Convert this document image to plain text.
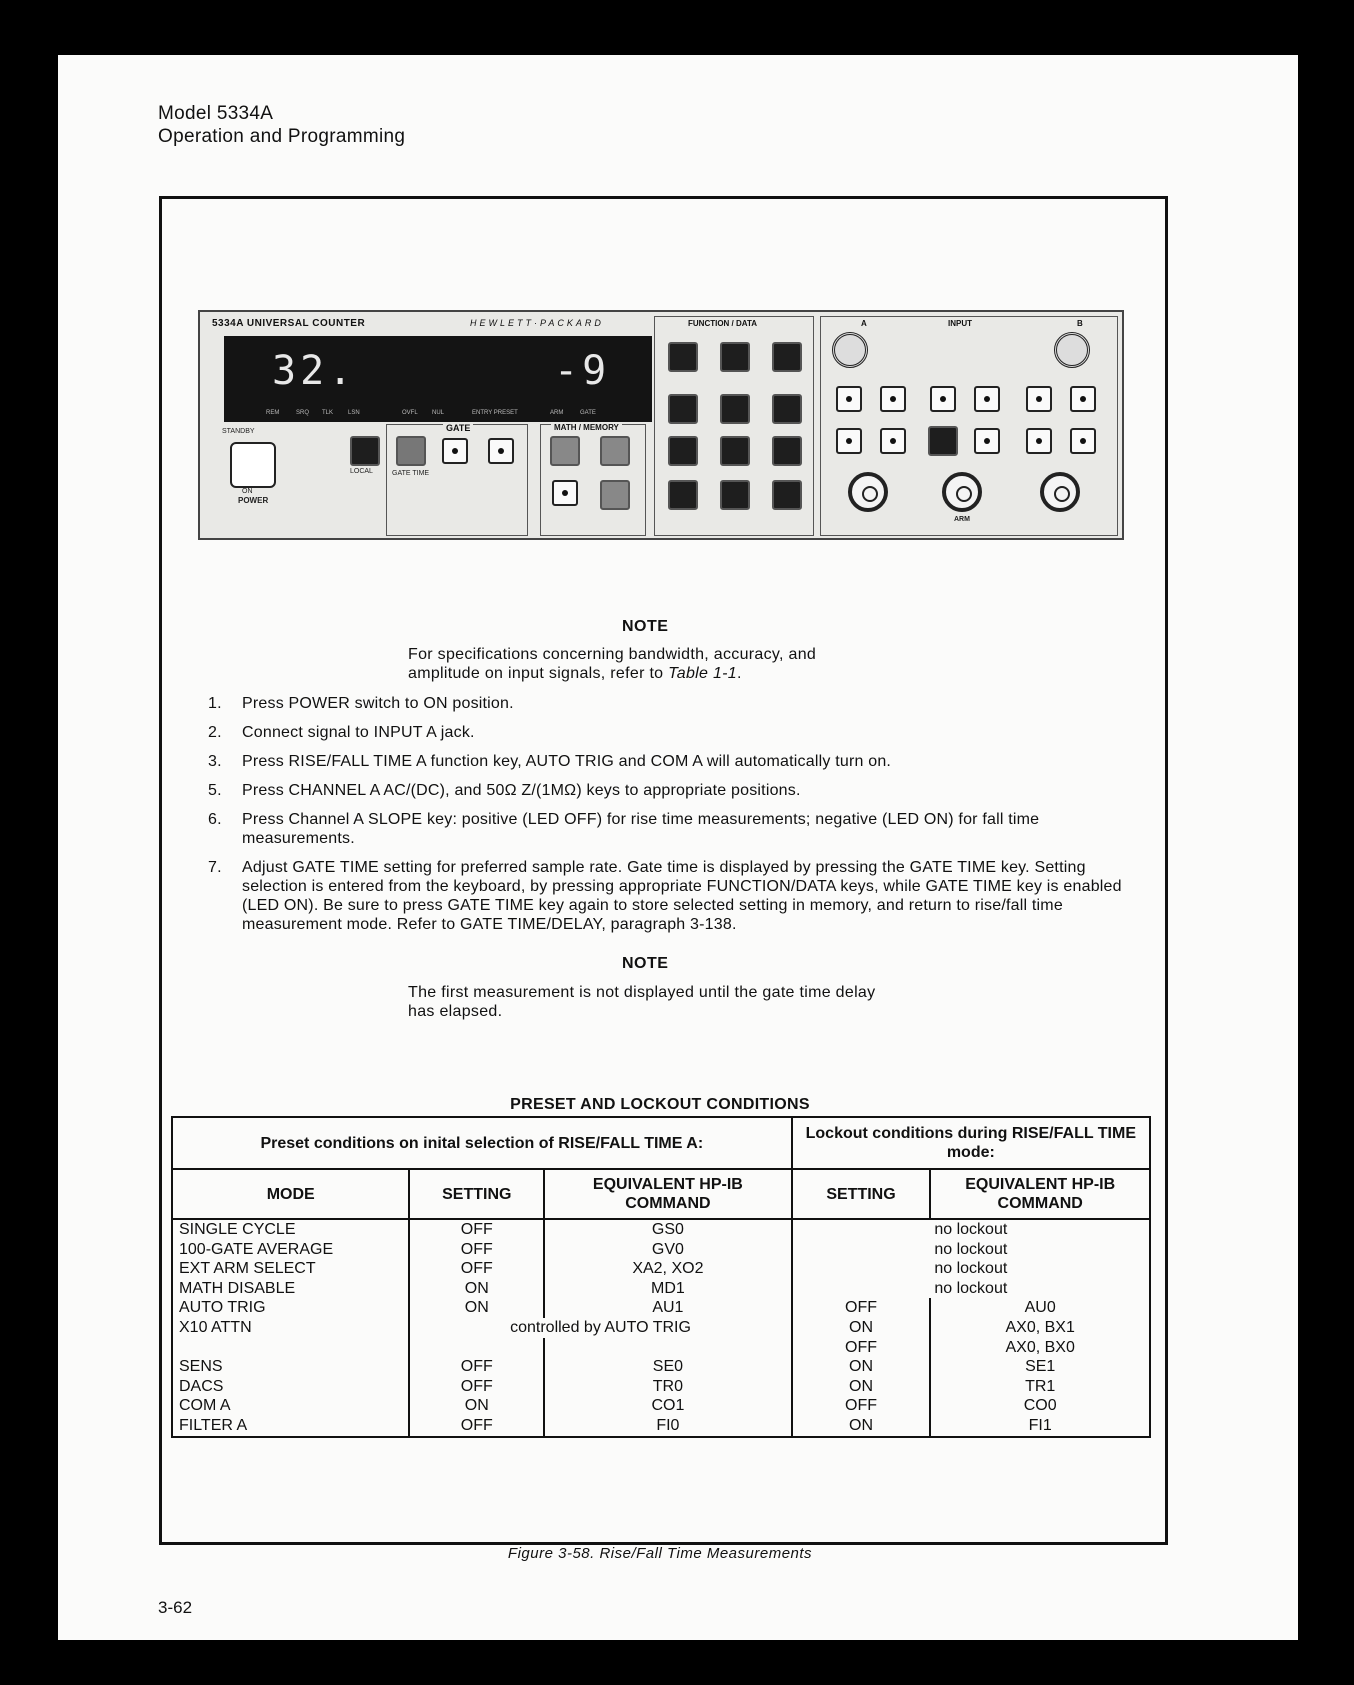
Model 5334A
Operation and Programming
5334A UNIVERSAL COUNTER	HEWLETT·PACKARD
32.	-9
REM	SRQ TLK LSN	OVFL NUL	ENTRY PRESET	ARM	GATE
STANDBY
ON
POWER
LOCAL
GATE
GATE TIME
MATH / MEMORY
FUNCTION / DATA	INPUT
A	B
ARM
NOTE
For specifications concerning bandwidth, accuracy, and amplitude on input signals, refer to Table 1-1.
1.	Press POWER switch to ON position.
2.	Connect signal to INPUT A jack.
3.	Press RISE/FALL TIME A function key, AUTO TRIG and COM A will automatically turn on.
5.	Press CHANNEL A AC/(DC), and 50Ω Z/(1MΩ) keys to appropriate positions.
6.	Press Channel A SLOPE key: positive (LED OFF) for rise time measurements; negative (LED ON) for fall time measurements.
7.	Adjust GATE TIME setting for preferred sample rate. Gate time is displayed by pressing the GATE TIME key. Setting selection is entered from the keyboard, by pressing appropriate FUNCTION/DATA keys, while GATE TIME key is enabled (LED ON). Be sure to press GATE TIME key again to store selected setting in memory, and return to rise/fall time measurement mode. Refer to GATE TIME/DELAY, paragraph 3-138.
NOTE
The first measurement is not displayed until the gate time delay has elapsed.
PRESET AND LOCKOUT CONDITIONS
Preset conditions on inital selection of RISE/FALL TIME A:			Lockout conditions during RISE/FALL TIME mode:	
MODE	SETTING	EQUIVALENT HP-IB COMMAND	SETTING	EQUIVALENT HP-IB COMMAND
SINGLE CYCLE	OFF	GS0	no lockout	
100-GATE AVERAGE	OFF	GV0	no lockout	
EXT ARM SELECT	OFF	XA2, XO2	no lockout	
MATH DISABLE	ON	MD1	no lockout	
AUTO TRIG	ON	AU1	OFF	AU0
X10 ATTN	controlled by AUTO TRIG		ON	AX0, BX1
			OFF	AX0, BX0
SENS	OFF	SE0	ON	SE1
DACS	OFF	TR0	ON	TR1
COM A	ON	CO1	OFF	CO0
FILTER A	OFF	FI0	ON	FI1
Figure 3-58. Rise/Fall Time Measurements
3-62
